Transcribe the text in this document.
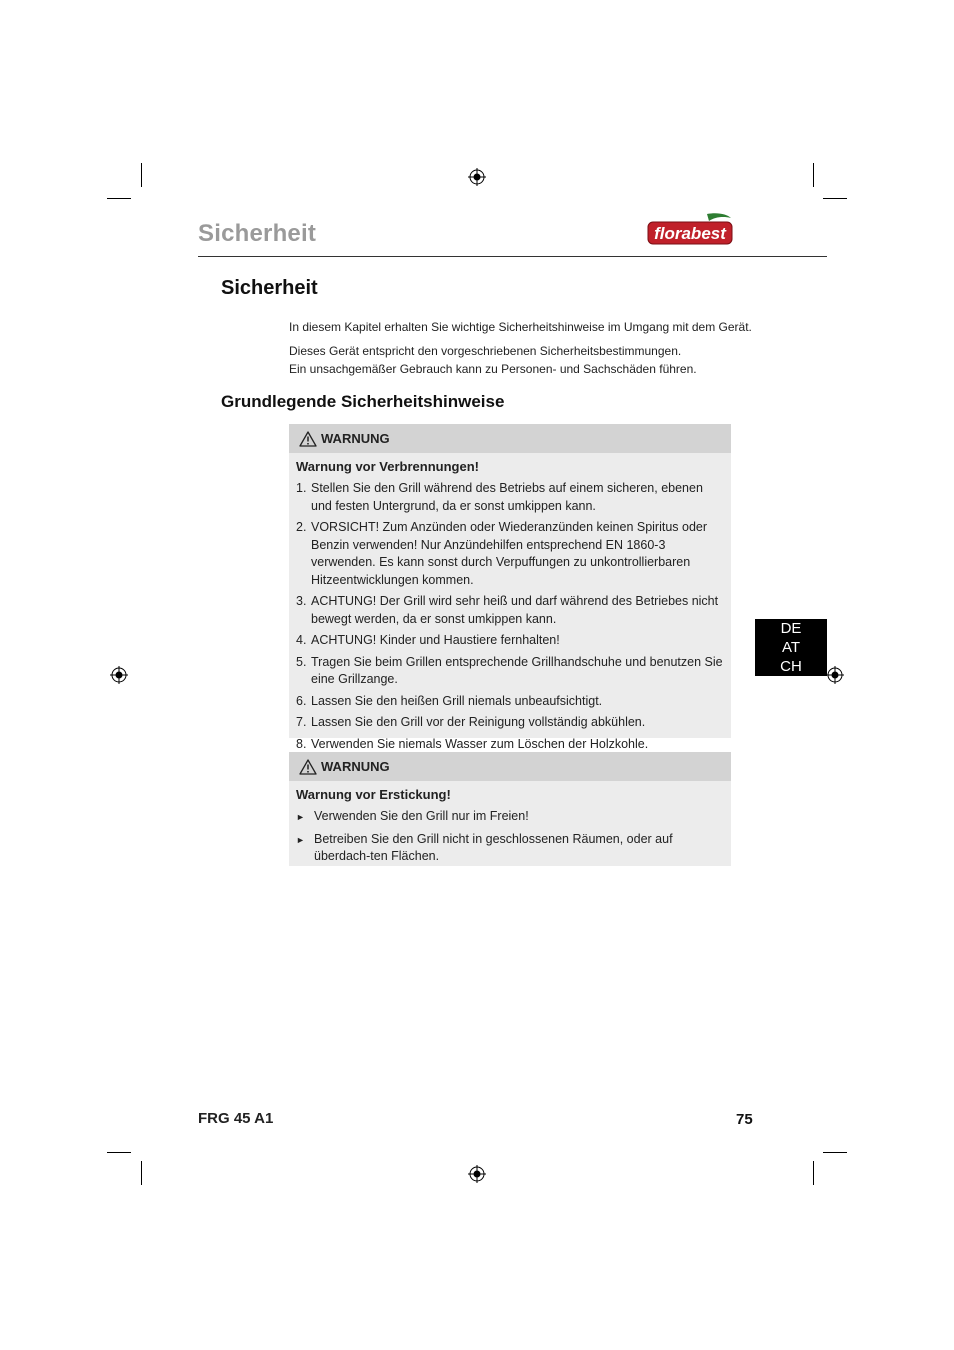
Sicherheit	florabest
Sicherheit
In diesem Kapitel erhalten Sie wichtige Sicherheitshinweise im Umgang mit dem Gerät.
Dieses Gerät entspricht den vorgeschriebenen Sicherheitsbestimmungen.
Ein unsachgemäßer Gebrauch kann zu Personen- und Sachschäden führen.
Grundlegende Sicherheitshinweise
WARNUNG
Warnung vor Verbrennungen!
1. Stellen Sie den Grill während des Betriebs auf einem sicheren, ebenen und festen Untergrund, da er sonst umkippen kann.
2. VORSICHT! Zum Anzünden oder Wiederanzünden keinen Spiritus oder Benzin verwenden! Nur Anzündehilfen entsprechend EN 1860-3 verwenden. Es kann sonst durch Verpuffungen zu unkontrollierbaren Hitzeentwicklungen kommen.
3. ACHTUNG! Der Grill wird sehr heiß und darf während des Betriebes nicht bewegt werden, da er sonst umkippen kann.
4. ACHTUNG! Kinder und Haustiere fernhalten!
5. Tragen Sie beim Grillen entsprechende Grillhandschuhe und benutzen Sie eine Grillzange.
6. Lassen Sie den heißen Grill niemals unbeaufsichtigt.
7. Lassen Sie den Grill vor der Reinigung vollständig abkühlen.
8. Verwenden Sie niemals Wasser zum Löschen der Holzkohle.
WARNUNG
Warnung vor Erstickung!
► Verwenden Sie den Grill nur im Freien!
► Betreiben Sie den Grill nicht in geschlossenen Räumen, oder auf überdach-ten Flächen.
DE
AT
CH
FRG 45 A1	75
